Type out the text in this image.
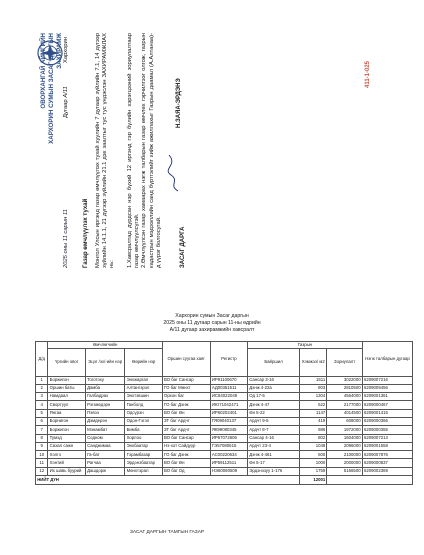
ОВОРХАНГАЙ АЙМГИЙН ХАРХОРИН СУМЫН ЗАСАГ ДАРГЫН ЗАХИРАМЖ
2025 оны 11 сарын 11
Дугаар А/11
Хархорин
Газар өмчлүүлэх тухай Монгол Улсын иргэнд газар өмчлүүлэх тухай хуулийн 7 дугаар зүйлийн 7.1, 14 дүгээр зүйлийн 14.1.1, 21 дүгээр зүйлийн 21.1 дэх заалтыг тус тус үндэслэн ЗАХИРАМЖЛАХ нь: 1.Хавсралтад дурдсан нэр бүхий 12 иргэнд гэр бүлийн хэрэгцээний зориулалтаар газар өмчлүүлсүгэй. 2.Өмчлүүлсэн газар хамаарах нэгж талбарын газар өмчлөх гэрчилгээг олгож, газрын кадастрын мэдээллийн санд бүртгэлийг хийж ажиллахыг Газрын даамал (А.Алтанаа)-д үүрэг болгосугай.	ЗАСАГ ДАРГА
Н.ЗАЯА-ЭРДЭНЭ
411-1-025
Хархорин сумын Засаг даргын
2025 оны 11 дугаар сарын 11-ны өдрийн
А/11 дугаар захирамжийн хавсралт
Д/д	Өмчлөгчийн			Оршин суугаа хаяг	Регистр	Газрын			Нэгж талбарын дугаар
	Үргийн овог	Эцэг /эх/-ийн нэр	Өөрийн нэр			Байршил	Хэмжээ/ м2	Зориулалт	
1	Боржигон	Тоготоху	Энхжаргал	ВО баг Сансар	ИР91100670	Сансар 3-16	1511	3022000	6209007216
2	Оршин баты	Дамба	Алтангэрэл	ГО баг Мөнхт	АД00351511	Дэнж 4-22а	803	2810500	6209009456
3	Намдаал	Галбадрах	Энхтэвшин	Орхон баг	ИС84022049	Од 17-5	1304	4564000	6209001361
4	Свортуул	Рэгзмедэрн	Ганболд	ГО баг Дэнж	ИЮ71042471	Дэнж 4-47	522	2177000	6209000467
5	Янгаа	Пэвээ	Одсүрэн	ВО баг Өн	ИР60202401	Өн 5-22	1147	4014500	6209001415
6	Борнигон	Дэмдерэн	Одон-Гэгэл	ЗТ баг Ардчт	ГЯ09040137	Ардчт 9-5	419	608000	6209000366
7	Боржигон	Мэнамбат	Бимба	ЗТ баг Ардчт	ЯК99080345	Ардчт 8-7	986	1972000	6209000355
8	Тумэд	Содном	Хорлоо	ВО баг Сансар	ИР67072606	Сансар 4-16	802	1604000	6209007213
9	Сахал сажн	Санджимаа	Энхбаатар	Нэ-хот Сайдүүр	ГЭ57080615	Ардчт 23-4	1048	2096000	6209001558
10	Хэлгэ	Га-бат	Гэрамбазар	ГО баг Дэнж	АС00220634	Дэнж 4-461	600	2100000	6209007876
11	Хэнтий	Рагчаа	Эрдэнэбаатар	ВО баг Өн	ИР59112511	Өн 5-17	1000	2000000	6209000837
12	Их шавь буурий	Дашдорж	Мөнхтэрал	ВО баг Од	НЭ60080509	Эрдэнэзуу 1-176	1759	5156500	6209002369
НИЙТ ДҮН							12001		
ЗАСАГ ДАРГЫН ТАМГЫН ГАЗАР
